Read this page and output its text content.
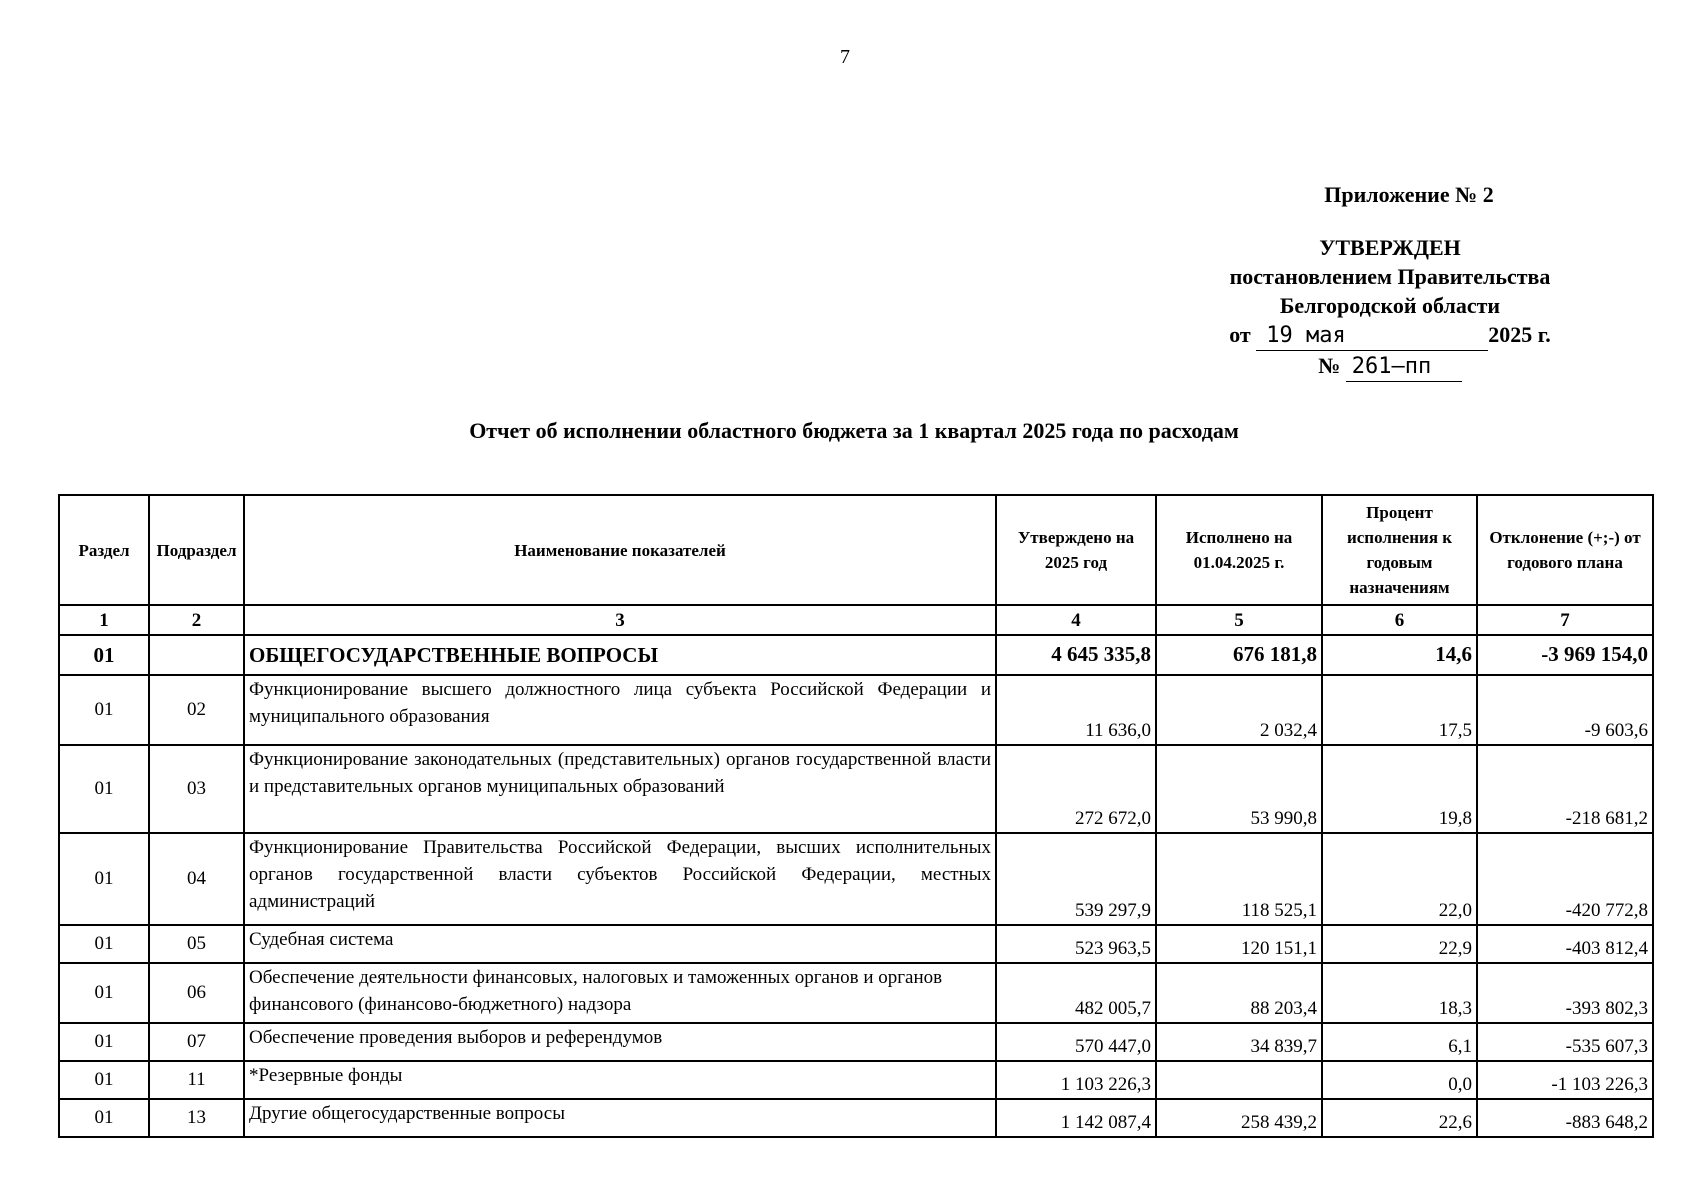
7
Приложение № 2
УТВЕРЖДЕН
постановлением Правительства
Белгородской области
от 19 мая	2025 г.
№ 261–пп
Отчет об исполнении областного бюджета за 1 квартал 2025 года по расходам
Раздел	Подраздел	Наименование показателей	Утверждено на 2025 год	Исполнено на 01.04.2025 г.	Процент исполнения к годовым назначениям	Отклонение (+;-) от годового плана
1	2	3	4	5	6	7
01		ОБЩЕГОСУДАРСТВЕННЫЕ ВОПРОСЫ	4 645 335,8	676 181,8	14,6	-3 969 154,0
01	02	Функционирование высшего должностного лица субъекта Российской Федерации и муниципального образования	11 636,0	2 032,4	17,5	-9 603,6
01	03	Функционирование законодательных (представительных) органов государственной власти и представительных органов муниципальных образований	272 672,0	53 990,8	19,8	-218 681,2
01	04	Функционирование Правительства Российской Федерации, высших исполнительных органов государственной власти субъектов Российской Федерации, местных администраций	539 297,9	118 525,1	22,0	-420 772,8
01	05	Судебная система	523 963,5	120 151,1	22,9	-403 812,4
01	06	Обеспечение деятельности финансовых, налоговых и таможенных органов и органов финансового (финансово-бюджетного) надзора	482 005,7	88 203,4	18,3	-393 802,3
01	07	Обеспечение проведения выборов и референдумов	570 447,0	34 839,7	6,1	-535 607,3
01	11	*Резервные фонды	1 103 226,3		0,0	-1 103 226,3
01	13	Другие общегосударственные вопросы	1 142 087,4	258 439,2	22,6	-883 648,2
